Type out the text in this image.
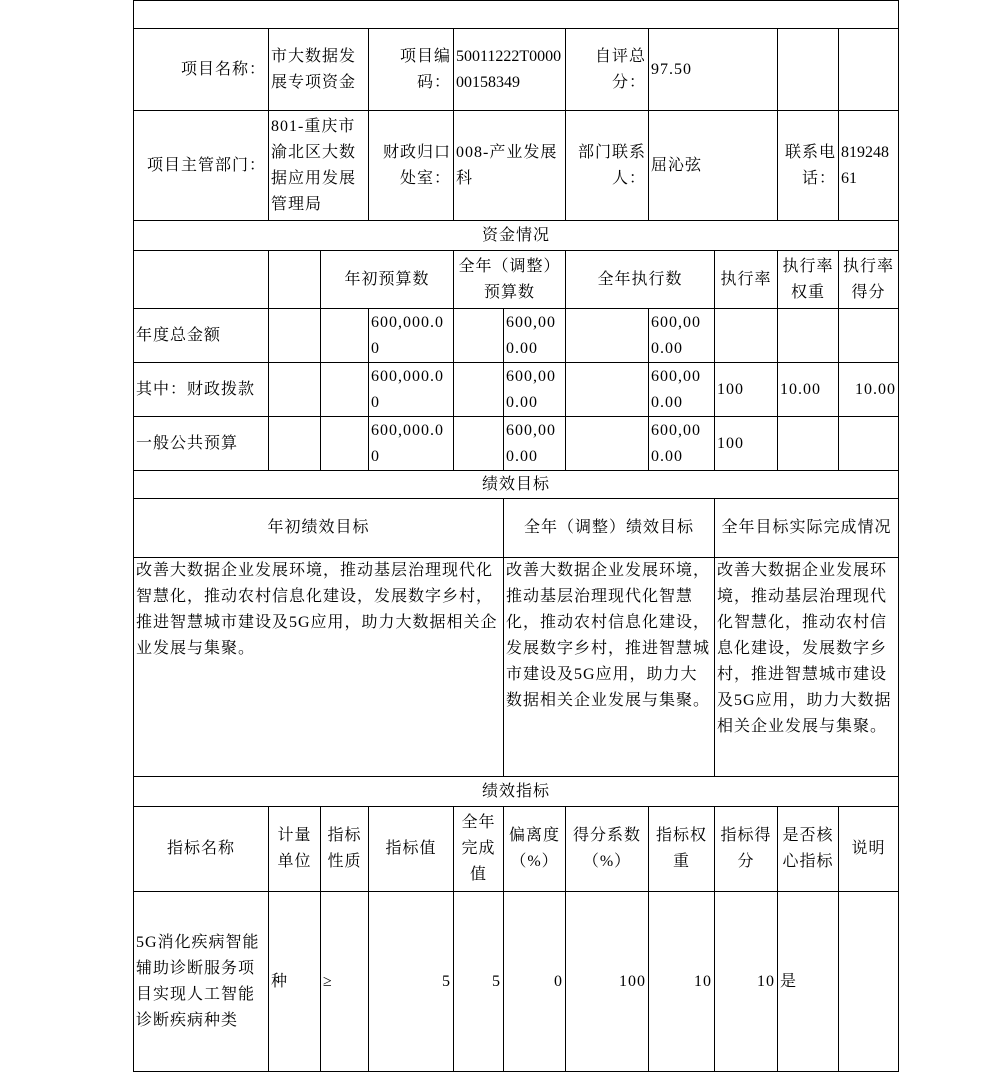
项目名称：	市大数据发展专项资金		项目编码：	50011222T000000158349		自评总分：	97.50			
项目主管部门：	801-重庆市渝北区大数据应用发展管理局		财政归口处室：	008-产业发展科		部门联系人：	屈沁弦		联系电话：	81924861
资金情况										
		年初预算数		全年（调整）预算数		全年执行数		执行率	执行率权重	执行率得分
年度总金额			600,000.00		600,000.00		600,000.00			
其中：财政拨款			600,000.00		600,000.00		600,000.00	100	10.00	10.00
一般公共预算			600,000.00		600,000.00		600,000.00	100		
绩效目标										
年初绩效目标					全年（调整）绩效目标			全年目标实际完成情况		
改善大数据企业发展环境，推动基层治理现代化智慧化，推动农村信息化建设，发展数字乡村，推进智慧城市建设及5G应用，助力大数据相关企业发展与集聚。					改善大数据企业发展环境，推动基层治理现代化智慧化，推动农村信息化建设，发展数字乡村，推进智慧城市建设及5G应用，助力大数据相关企业发展与集聚。			改善大数据企业发展环境，推动基层治理现代化智慧化，推动农村信息化建设，发展数字乡村，推进智慧城市建设及5G应用，助力大数据相关企业发展与集聚。		
绩效指标										
指标名称	计量单位	指标性质	指标值	全年完成值	偏离度（%）	得分系数（%）	指标权重	指标得分	是否核心指标	说明
5G消化疾病智能辅助诊断服务项目实现人工智能诊断疾病种类	种	≥	5	5	0	100	10	10	是	
